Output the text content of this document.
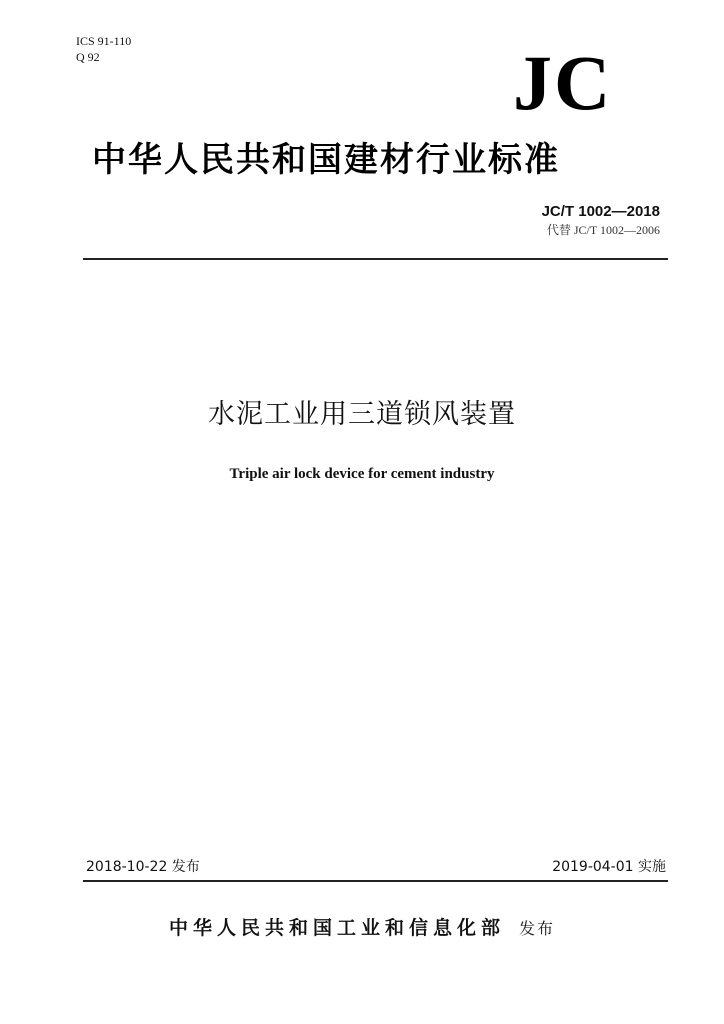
ICS 91-110
Q 92	JC
中华人民共和国建材行业标准
JC/T 1002—2018
代替 JC/T 1002—2006
水泥工业用三道锁风装置
Triple air lock device for cement industry
2018-10-22 发布	2019-04-01 实施
中华人民共和国工业和信息化部 发布
